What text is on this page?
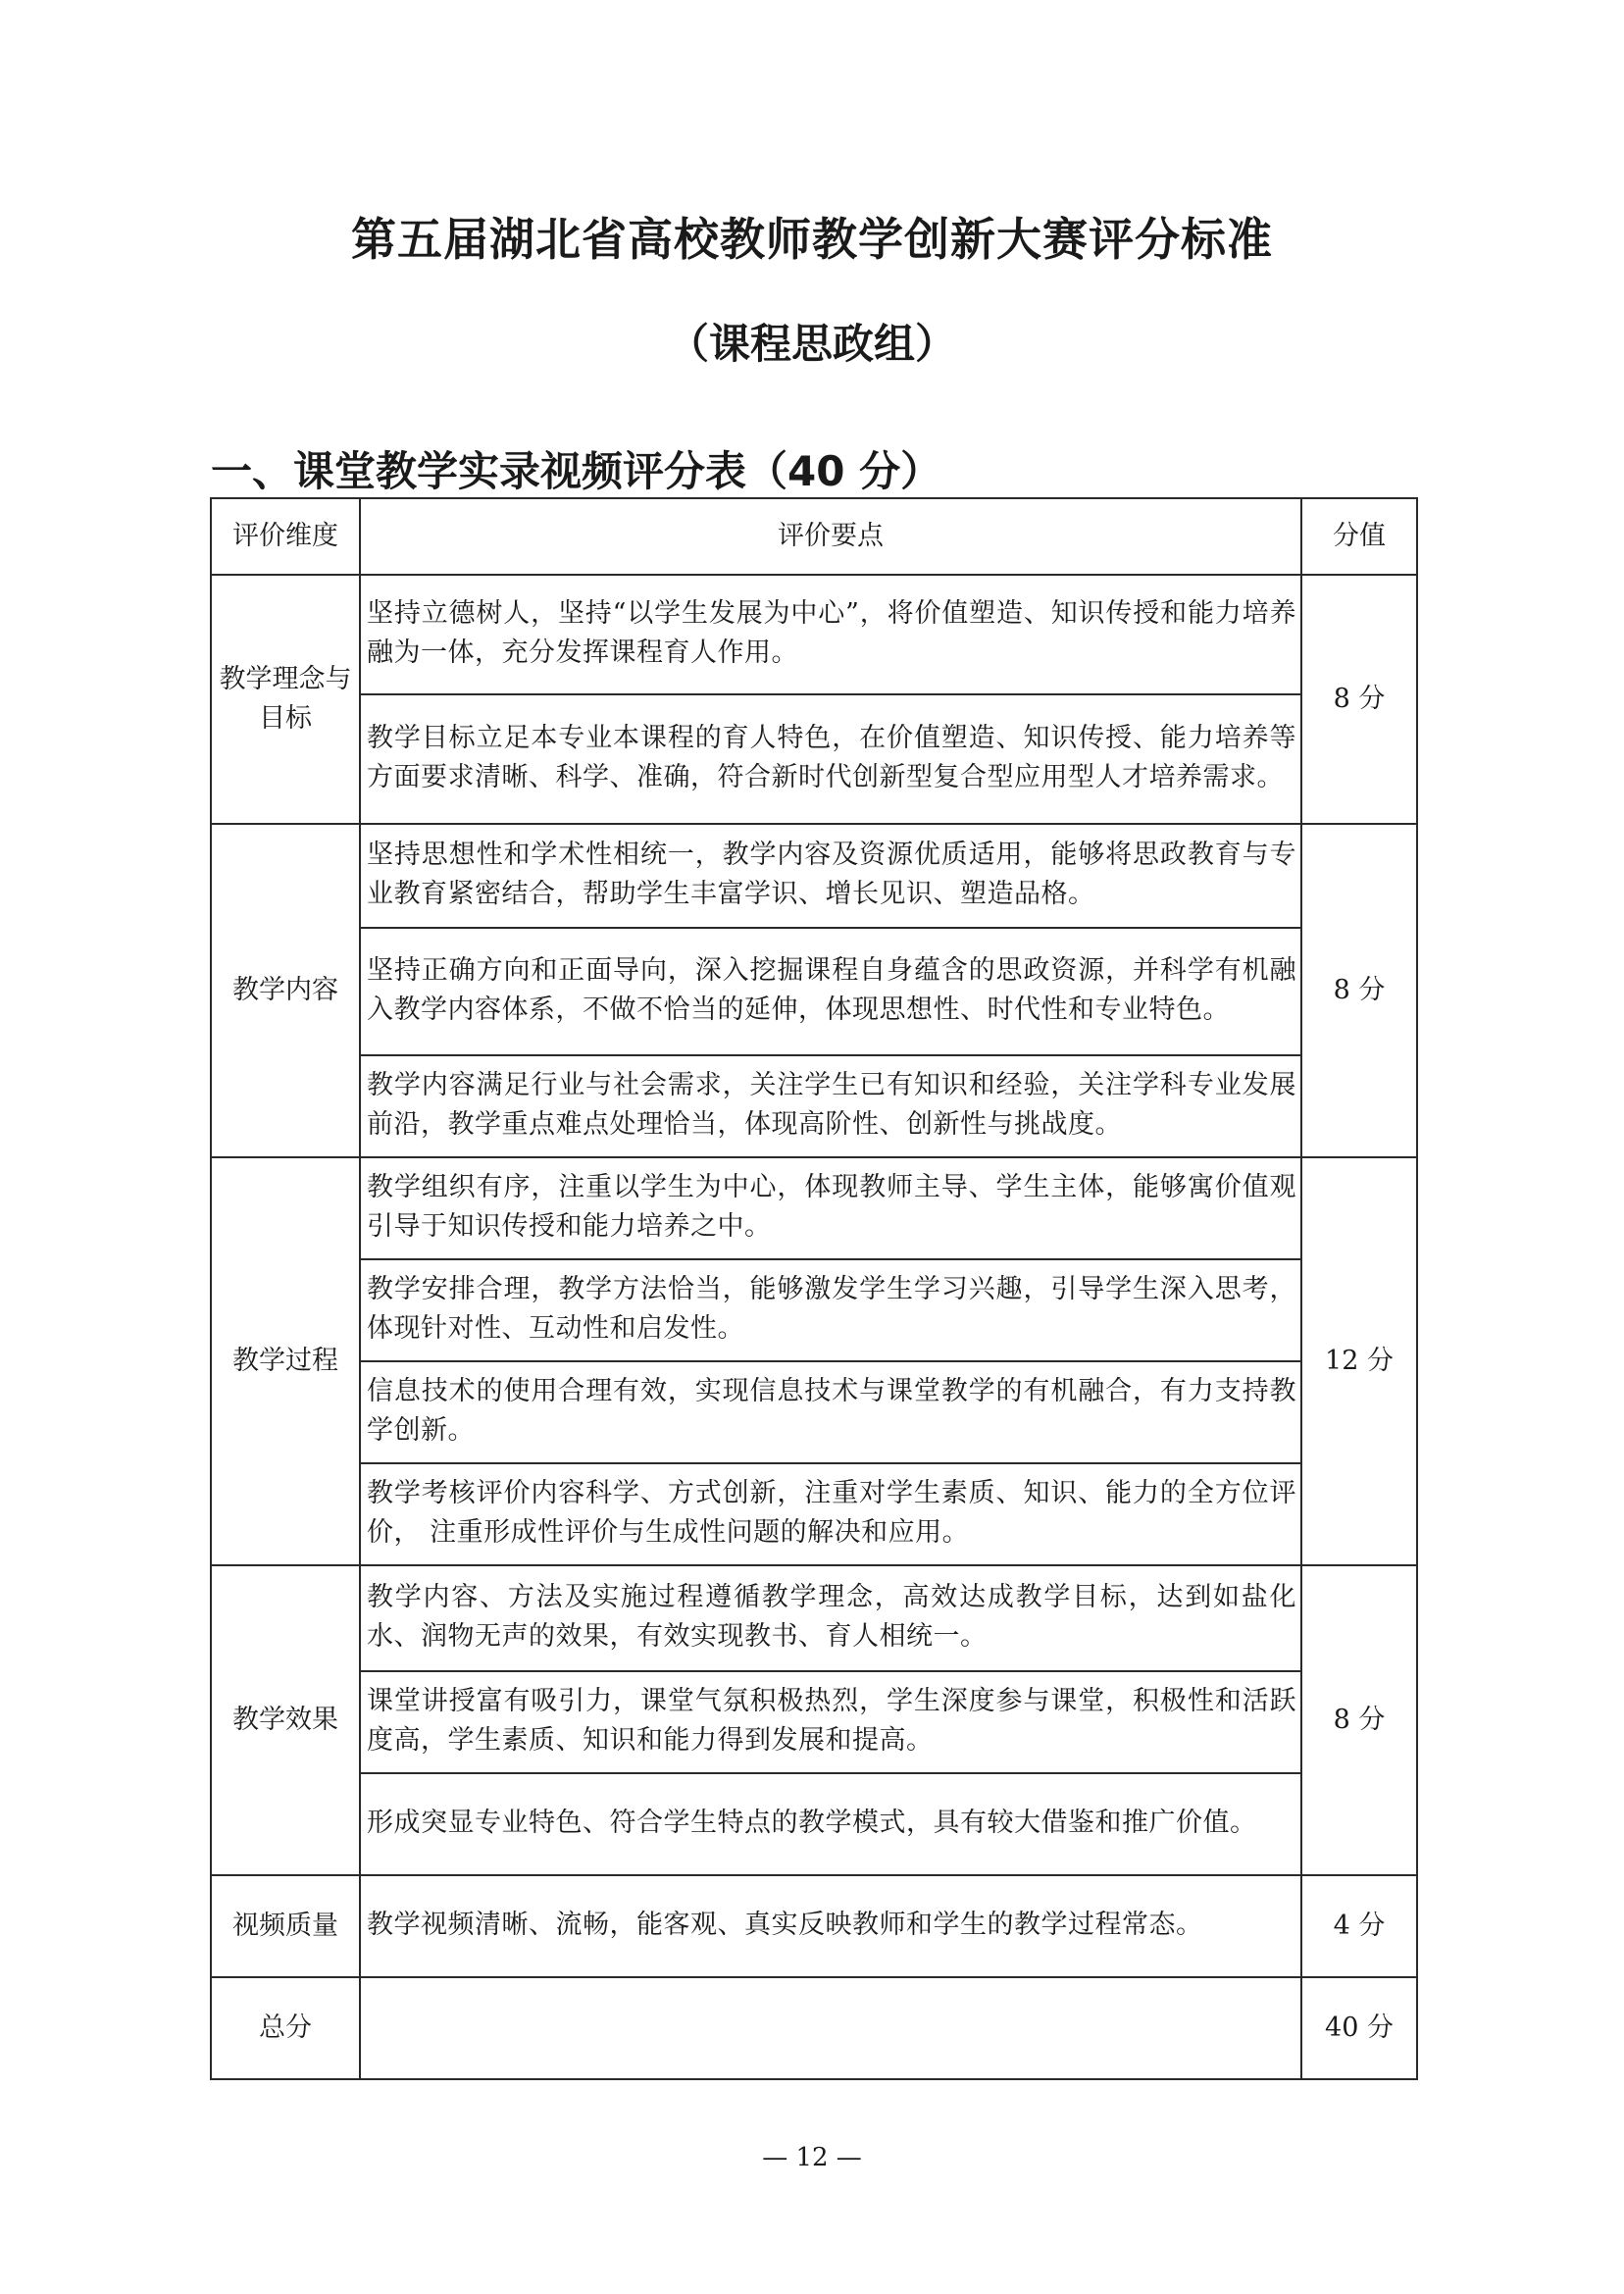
第五届湖北省高校教师教学创新大赛评分标准
（课程思政组）
一、课堂教学实录视频评分表（40 分）
评价维度	评价要点	分值
教学理念与目标	坚持立德树人，坚持“以学生发展为中心”，将价值塑造、知识传授和能力培养融为一体，充分发挥课程育人作用。	8 分
	教学目标立足本专业本课程的育人特色，在价值塑造、知识传授、能力培养等方面要求清晰、科学、准确，符合新时代创新型复合型应用型人才培养需求。	
教学内容	坚持思想性和学术性相统一，教学内容及资源优质适用，能够将思政教育与专业教育紧密结合，帮助学生丰富学识、增长见识、塑造品格。	8 分
	坚持正确方向和正面导向，深入挖掘课程自身蕴含的思政资源，并科学有机融入教学内容体系，不做不恰当的延伸，体现思想性、时代性和专业特色。	
	教学内容满足行业与社会需求，关注学生已有知识和经验，关注学科专业发展前沿，教学重点难点处理恰当，体现高阶性、创新性与挑战度。	
教学过程	教学组织有序，注重以学生为中心，体现教师主导、学生主体，能够寓价值观引导于知识传授和能力培养之中。	12 分
	教学安排合理，教学方法恰当，能够激发学生学习兴趣，引导学生深入思考，体现针对性、互动性和启发性。	
	信息技术的使用合理有效，实现信息技术与课堂教学的有机融合，有力支持教学创新。	
	教学考核评价内容科学、方式创新，注重对学生素质、知识、能力的全方位评价， 注重形成性评价与生成性问题的解决和应用。	
教学效果	教学内容、方法及实施过程遵循教学理念，高效达成教学目标，达到如盐化水、润物无声的效果，有效实现教书、育人相统一。	8 分
	课堂讲授富有吸引力，课堂气氛积极热烈，学生深度参与课堂，积极性和活跃度高，学生素质、知识和能力得到发展和提高。	
	形成突显专业特色、符合学生特点的教学模式，具有较大借鉴和推广价值。	
视频质量	教学视频清晰、流畅，能客观、真实反映教师和学生的教学过程常态。	4 分
总分		40 分
— 12 —
